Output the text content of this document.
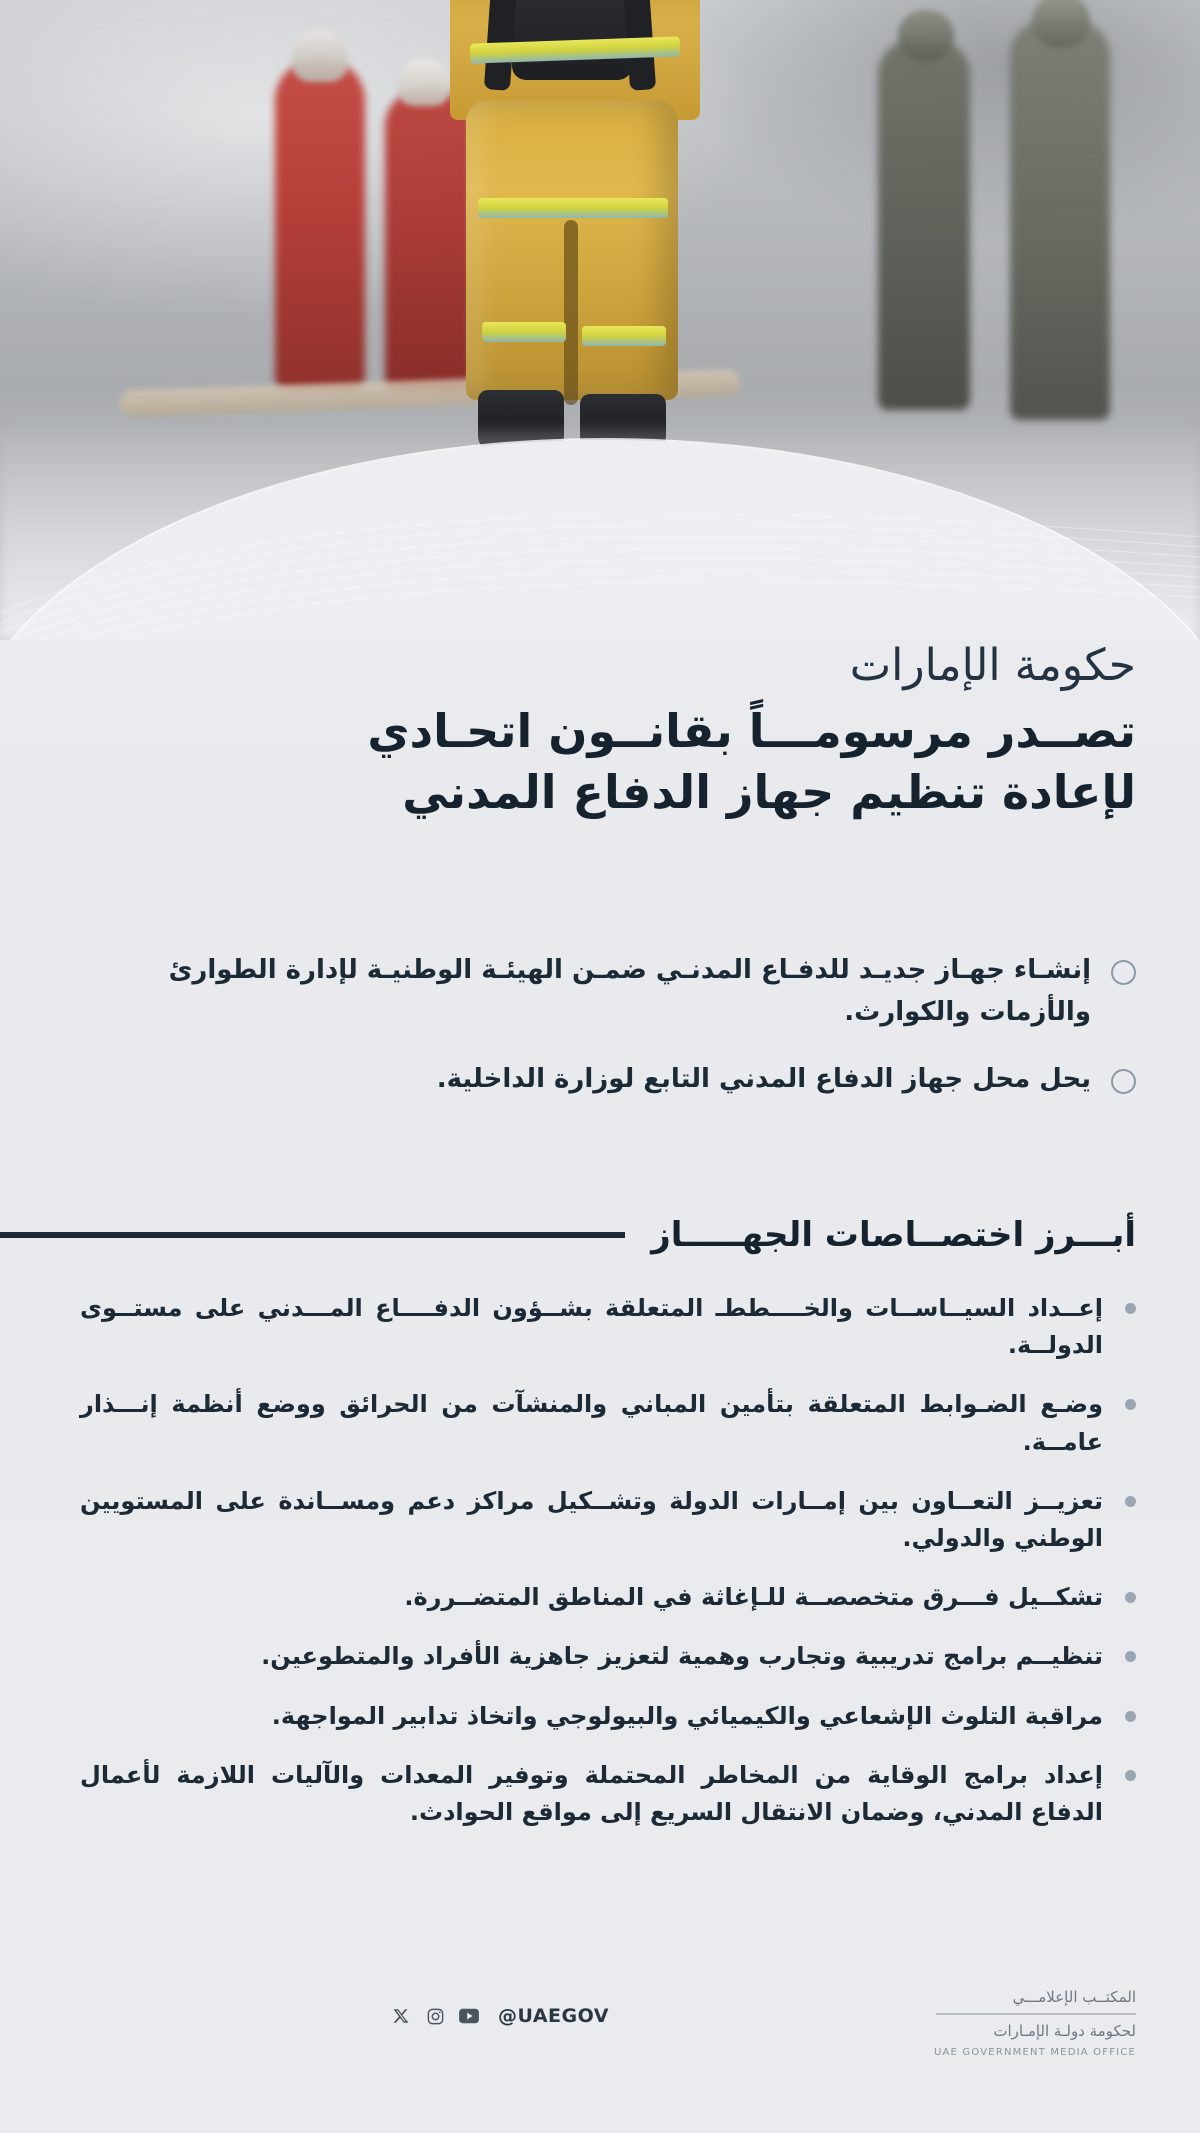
حكومة الإمارات
تصــدر مرسومـــاً بقانــون اتحـادي
لإعادة تنظيم جهاز الدفاع المدني
إنشـاء جهـاز جديـد للدفـاع المدنـي ضمـن الهيئـة الوطنيـة لإدارة الطوارئ والأزمات والكوارث.
يحل محل جهاز الدفاع المدني التابع لوزارة الداخلية.
أبـــرز اختصــاصات الجهـــــاز
إعــداد السيــاســات والخــــططـ المتعلقة بشــؤون الدفــــاع المـــدني على مستــوى الدولــة.
وضـع الضـوابط المتعلقة بتأمين المباني والمنشآت من الحرائق ووضع أنظمة إنـــذار عامــة.
تعزيــز التعــاون بين إمــارات الدولة وتشــكيل مراكز دعم ومســاندة على المستويين الوطني والدولي.
تشكــيل فـــرق متخصصــة للـإغاثة في المناطق المتضــررة.
تنظيــم برامج تدريبية وتجارب وهمية لتعزيز جاهزية الأفراد والمتطوعين.
مراقبة التلوث الإشعاعي والكيميائي والبيولوجي واتخاذ تدابير المواجهة.
إعداد برامج الوقاية من المخاطر المحتملة وتوفير المعدات والآليات اللازمة لأعمال الدفاع المدني، وضمان الانتقال السريع إلى مواقع الحوادث.
المكتــب الإعلامـــي
لحكومة دولـة الإمـارات
UAE GOVERNMENT MEDIA OFFICE
@UAEGOV
